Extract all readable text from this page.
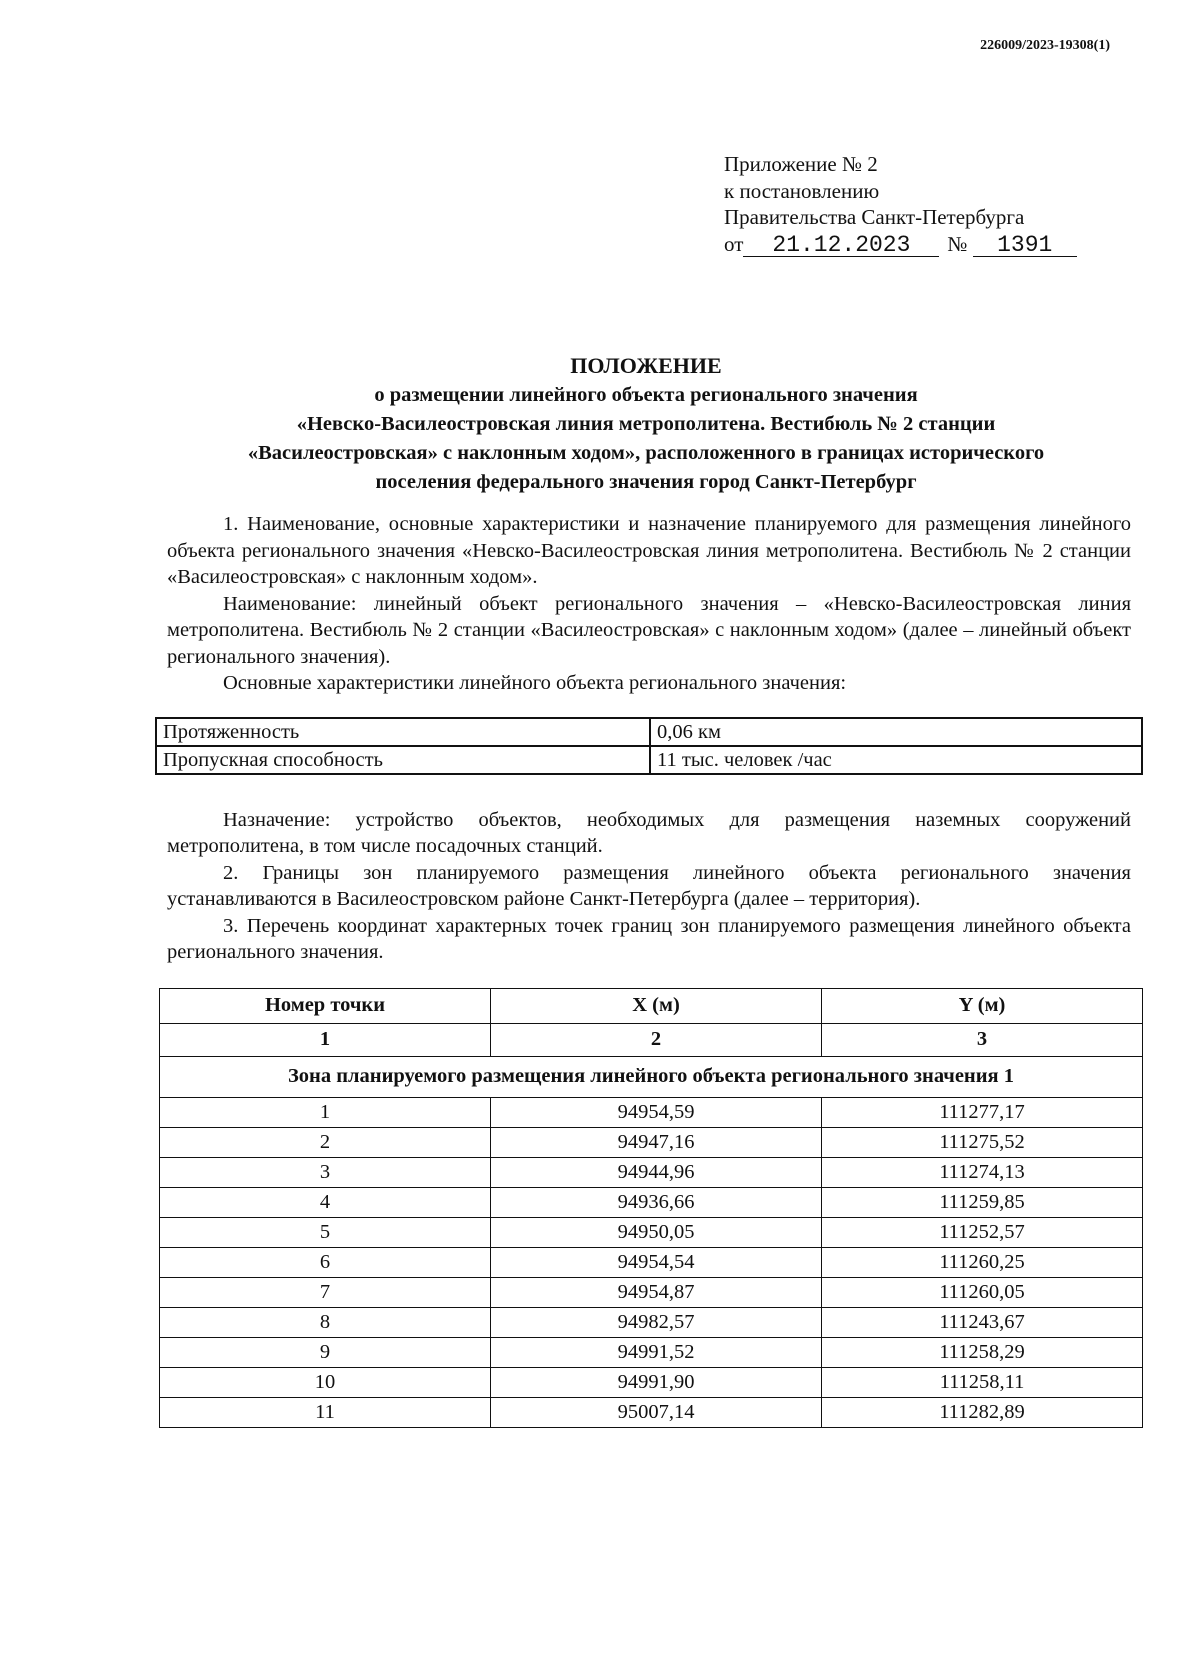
226009/2023-19308(1)
Приложение № 2
к постановлению
Правительства Санкт-Петербурга
от 21.12.2023 № 1391
ПОЛОЖЕНИЕ
о размещении линейного объекта регионального значения
«Невско-Василеостровская линия метрополитена. Вестибюль № 2 станции
«Василеостровская» с наклонным ходом», расположенного в границах исторического
поселения федерального значения город Санкт-Петербург

1. Наименование, основные характеристики и назначение планируемого для размещения линейного объекта регионального значения «Невско-Василеостровская линия метрополитена. Вестибюль № 2 станции «Василеостровская» с наклонным ходом».

Наименование: линейный объект регионального значения – «Невско-Василеостровская линия метрополитена. Вестибюль № 2 станции «Василеостровская» с наклонным ходом» (далее – линейный объект регионального значения).

Основные характеристики линейного объекта регионального значения:

Протяженность	0,06 км
Пропускная способность	11 тыс. человек /час

Назначение: устройство объектов, необходимых для размещения наземных сооружений метрополитена, в том числе посадочных станций.

2. Границы зон планируемого размещения линейного объекта регионального значения устанавливаются в Василеостровском районе Санкт-Петербурга (далее – территория).

3. Перечень координат характерных точек границ зон планируемого размещения линейного объекта регионального значения.

Номер точки	X (м)	Y (м)
1	2	3
Зона планируемого размещения линейного объекта регионального значения 1		
1	94954,59	111277,17
2	94947,16	111275,52
3	94944,96	111274,13
4	94936,66	111259,85
5	94950,05	111252,57
6	94954,54	111260,25
7	94954,87	111260,05
8	94982,57	111243,67
9	94991,52	111258,29
10	94991,90	111258,11
11	95007,14	111282,89
